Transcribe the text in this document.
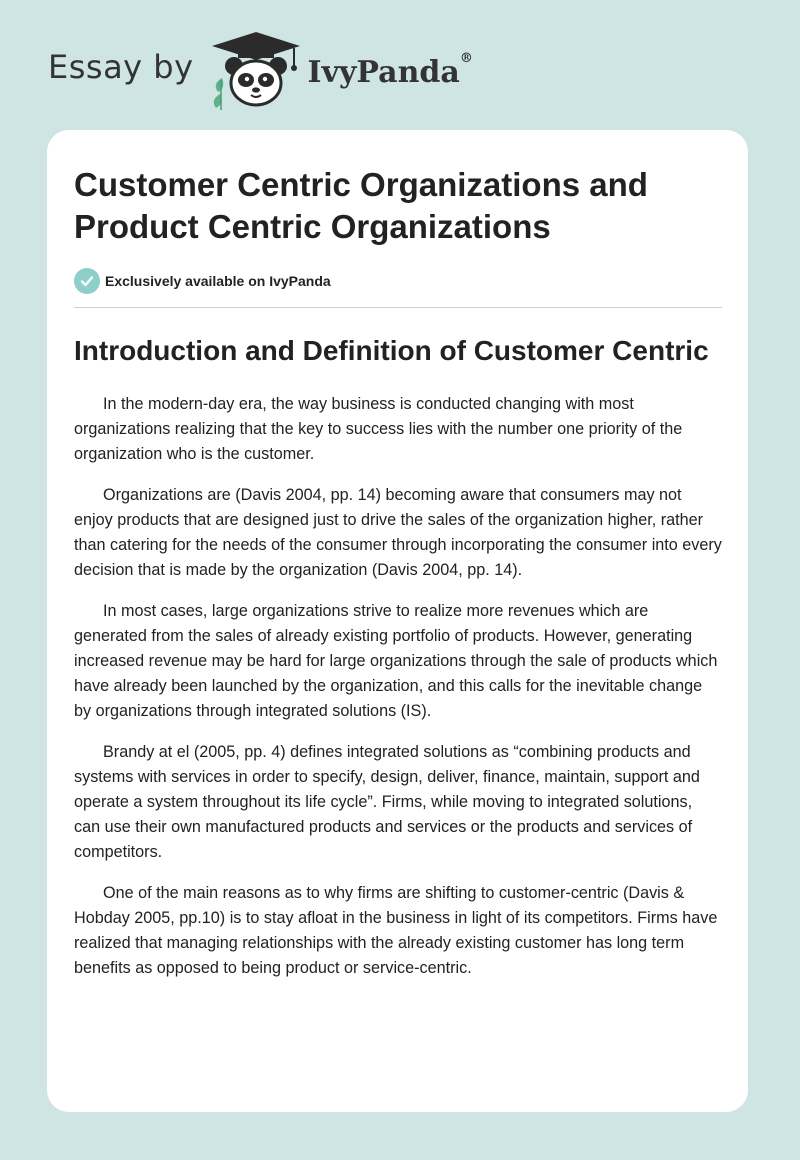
Essay by	IvyPanda®
Customer Centric Organizations and Product Centric Organizations
Exclusively available on IvyPanda
Introduction and Definition of Customer Centric

In the modern-day era, the way business is conducted changing with most organizations realizing that the key to success lies with the number one priority of the organization who is the customer.

Organizations are (Davis 2004, pp. 14) becoming aware that consumers may not enjoy products that are designed just to drive the sales of the organization higher, rather than catering for the needs of the consumer through incorporating the consumer into every decision that is made by the organization (Davis 2004, pp. 14).

In most cases, large organizations strive to realize more revenues which are generated from the sales of already existing portfolio of products. However, generating increased revenue may be hard for large organizations through the sale of products which have already been launched by the organization, and this calls for the inevitable change by organizations through integrated solutions (IS).

Brandy at el (2005, pp. 4) defines integrated solutions as “combining products and systems with services in order to specify, design, deliver, finance, maintain, support and operate a system throughout its life cycle”. Firms, while moving to integrated solutions, can use their own manufactured products and services or the products and services of competitors.

One of the main reasons as to why firms are shifting to customer-centric (Davis & Hobday 2005, pp.10) is to stay afloat in the business in light of its competitors. Firms have realized that managing relationships with the already existing customer has long term benefits as opposed to being product or service-centric.
